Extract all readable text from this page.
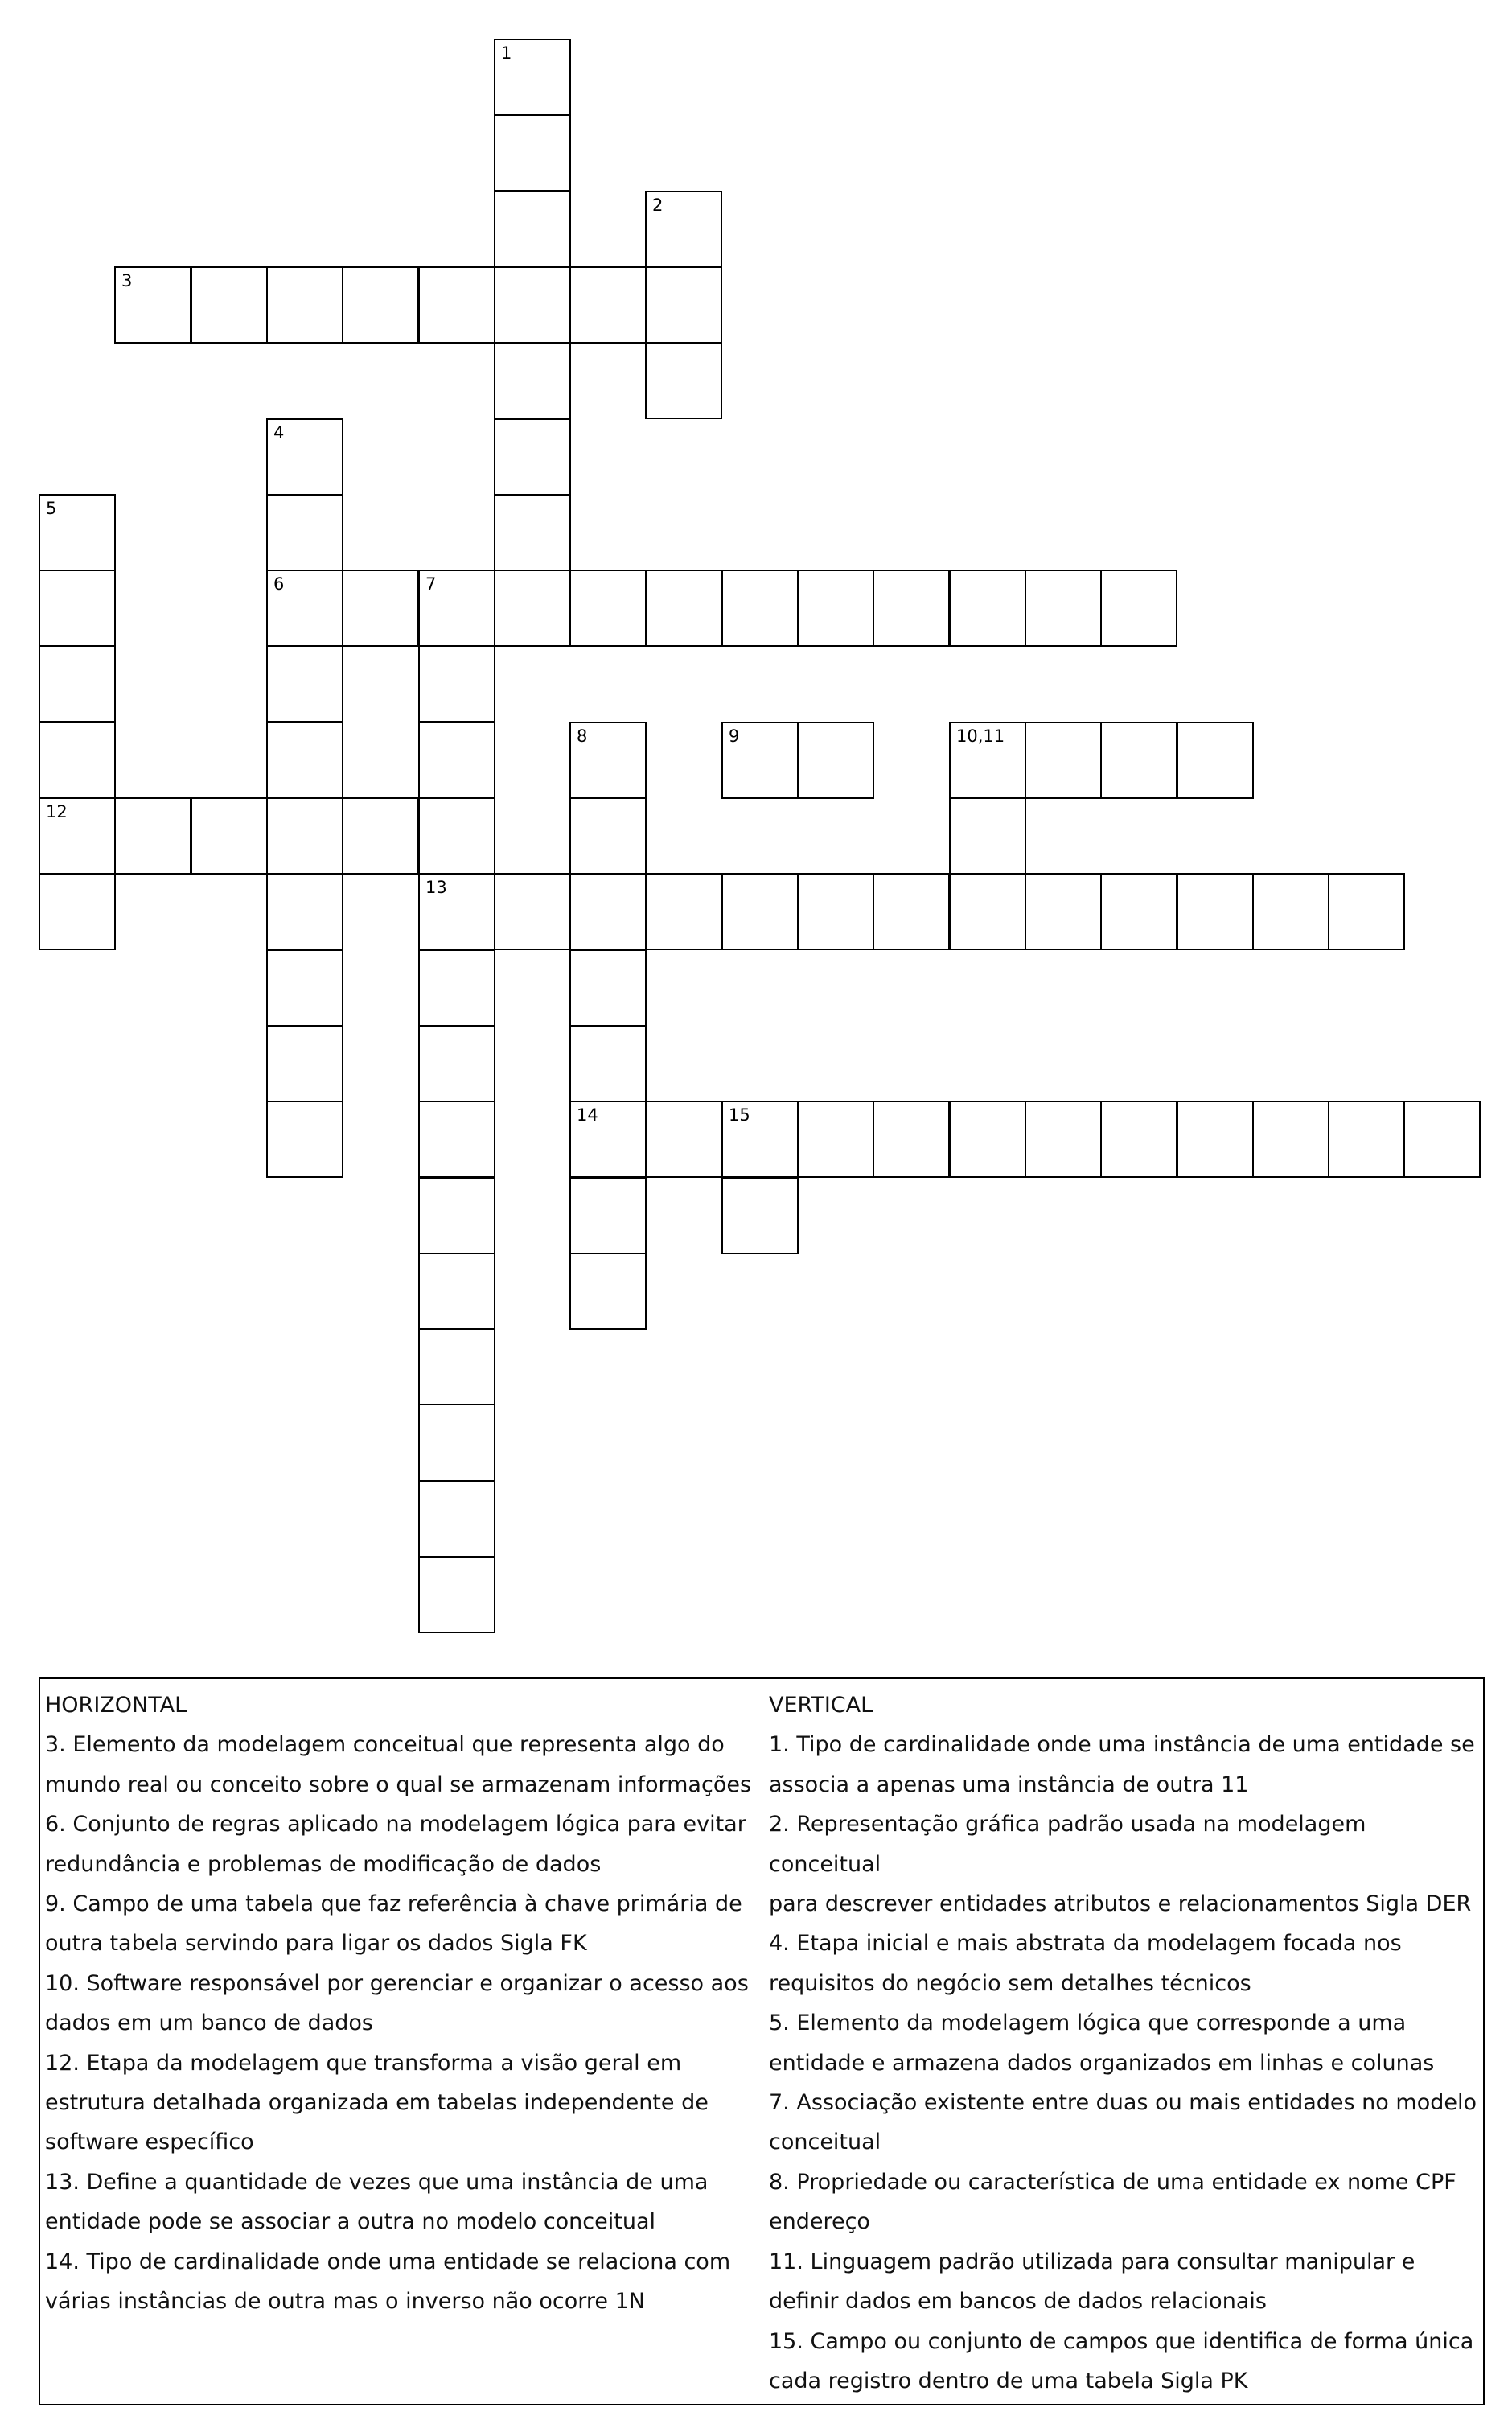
1
2
3
4
6
5
12
7
13
8
14
9	10,11
15
HORIZONTAL
3. Elemento da modelagem conceitual que representa algo do
mundo real ou conceito sobre o qual se armazenam informações
6. Conjunto de regras aplicado na modelagem lógica para evitar
redundância e problemas de modificação de dados
9. Campo de uma tabela que faz referência à chave primária de
outra tabela servindo para ligar os dados Sigla FK
10. Software responsável por gerenciar e organizar o acesso aos
dados em um banco de dados
12. Etapa da modelagem que transforma a visão geral em
estrutura detalhada organizada em tabelas independente de
software específico
13. Define a quantidade de vezes que uma instância de uma
entidade pode se associar a outra no modelo conceitual
14. Tipo de cardinalidade onde uma entidade se relaciona com
várias instâncias de outra mas o inverso não ocorre 1N
VERTICAL
1. Tipo de cardinalidade onde uma instância de uma entidade se
associa a apenas uma instância de outra 11
2. Representação gráfica padrão usada na modelagem conceitual
para descrever entidades atributos e relacionamentos Sigla DER
4. Etapa inicial e mais abstrata da modelagem focada nos
requisitos do negócio sem detalhes técnicos
5. Elemento da modelagem lógica que corresponde a uma
entidade e armazena dados organizados em linhas e colunas
7. Associação existente entre duas ou mais entidades no modelo
conceitual
8. Propriedade ou característica de uma entidade ex nome CPF
endereço
11. Linguagem padrão utilizada para consultar manipular e
definir dados em bancos de dados relacionais
15. Campo ou conjunto de campos que identifica de forma única
cada registro dentro de uma tabela Sigla PK
